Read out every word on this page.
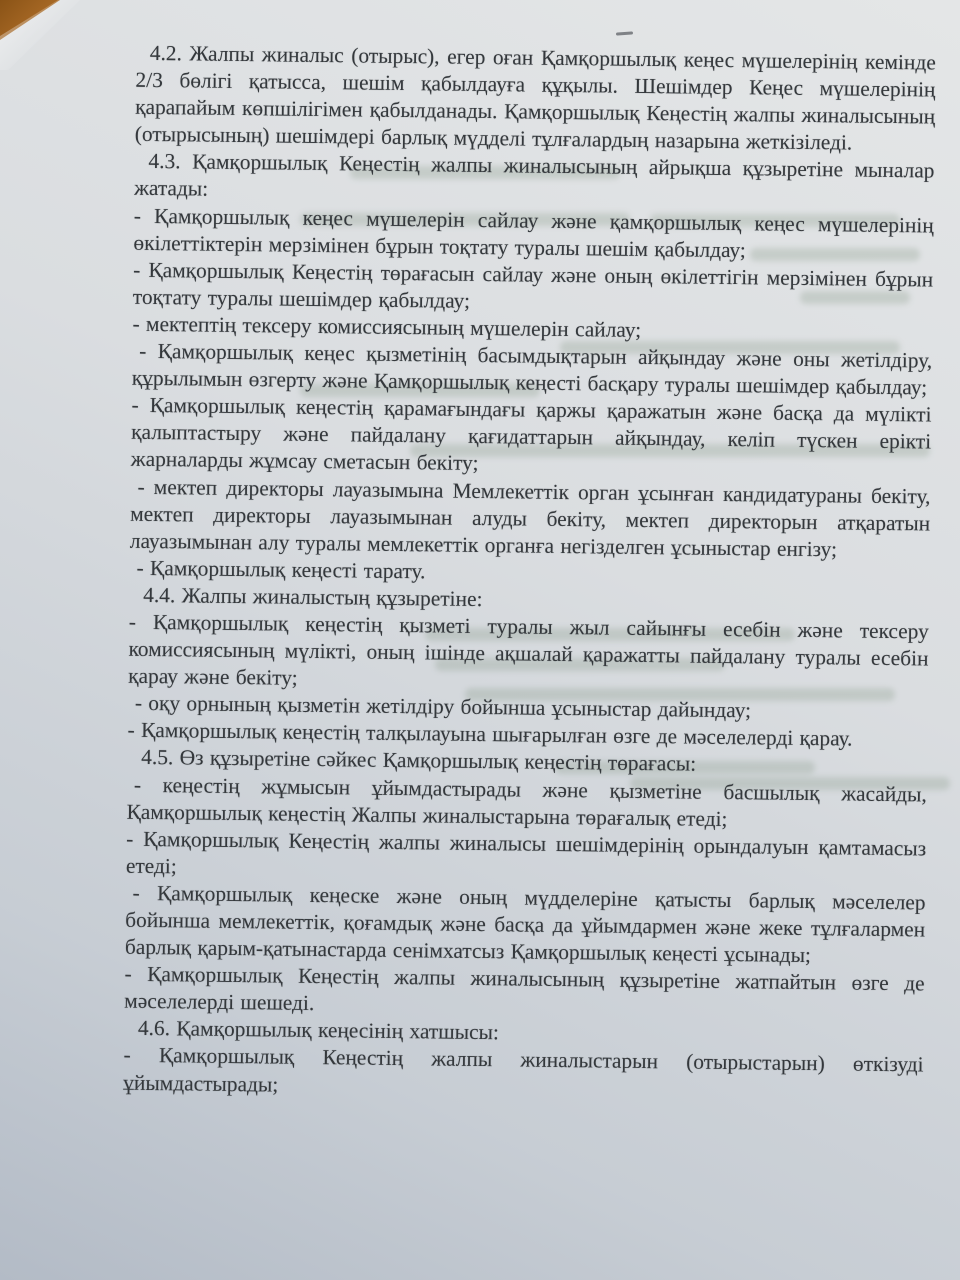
4.2. Жалпы жиналыс (отырыс), егер оған Қамқоршылық кеңес мүшелерінің кемінде 2/3 бөлігі қатысса, шешім қабылдауға құқылы. Шешімдер Кеңес мүшелерінің қарапайым көпшілігімен қабылданады. Қамқоршылық Кеңестің жалпы жиналысының (отырысының) шешімдері барлық мүдделі тұлғалардың назарына жеткізіледі.

4.3. Қамқоршылық Кеңестің жалпы жиналысының айрықша құзыретіне мыналар жатады:

- Қамқоршылық кеңес мүшелерін сайлау және қамқоршылық кеңес мүшелерінің өкілеттіктерін мерзімінен бұрын тоқтату туралы шешім қабылдау;

- Қамқоршылық Кеңестің төрағасын сайлау және оның өкілеттігін мерзімінен бұрын тоқтату туралы шешімдер қабылдау;

- мектептің тексеру комиссиясының мүшелерін сайлау;

- Қамқоршылық кеңес қызметінің басымдықтарын айқындау және оны жетілдіру, құрылымын өзгерту және Қамқоршылық кеңесті басқару туралы шешімдер қабылдау;

- Қамқоршылық кеңестің қарамағындағы қаржы қаражатын және басқа да мүлікті қалыптастыру және пайдалану қағидаттарын айқындау, келіп түскен ерікті жарналарды жұмсау сметасын бекіту;

- мектеп директоры лауазымына Мемлекеттік орган ұсынған кандидатураны бекіту, мектеп директоры лауазымынан алуды бекіту, мектеп директорын атқаратын лауазымынан алу туралы мемлекеттік органға негізделген ұсыныстар енгізу;

- Қамқоршылық кеңесті тарату.

4.4. Жалпы жиналыстың құзыретіне:

- Қамқоршылық кеңестің қызметі туралы жыл сайынғы есебін және тексеру комиссиясының мүлікті, оның ішінде ақшалай қаражатты пайдалану туралы есебін қарау және бекіту;

- оқу орнының қызметін жетілдіру бойынша ұсыныстар дайындау;

- Қамқоршылық кеңестің талқылауына шығарылған өзге де мәселелерді қарау.

4.5. Өз құзыретіне сәйкес Қамқоршылық кеңестің төрағасы:

- кеңестің жұмысын ұйымдастырады және қызметіне басшылық жасайды, Қамқоршылық кеңестің Жалпы жиналыстарына төрағалық етеді;

- Қамқоршылық Кеңестің жалпы жиналысы шешімдерінің орындалуын қамтамасыз етеді;

- Қамқоршылық кеңеске және оның мүдделеріне қатысты барлық мәселелер бойынша мемлекеттік, қоғамдық және басқа да ұйымдармен және жеке тұлғалармен барлық қарым-қатынастарда сенімхатсыз Қамқоршылық кеңесті ұсынады;

- Қамқоршылық Кеңестің жалпы жиналысының құзыретіне жатпайтын өзге де мәселелерді шешеді.

4.6. Қамқоршылық кеңесінің хатшысы:

- Қамқоршылық Кеңестің жалпы жиналыстарын (отырыстарын) өткізуді ұйымдастырады;
